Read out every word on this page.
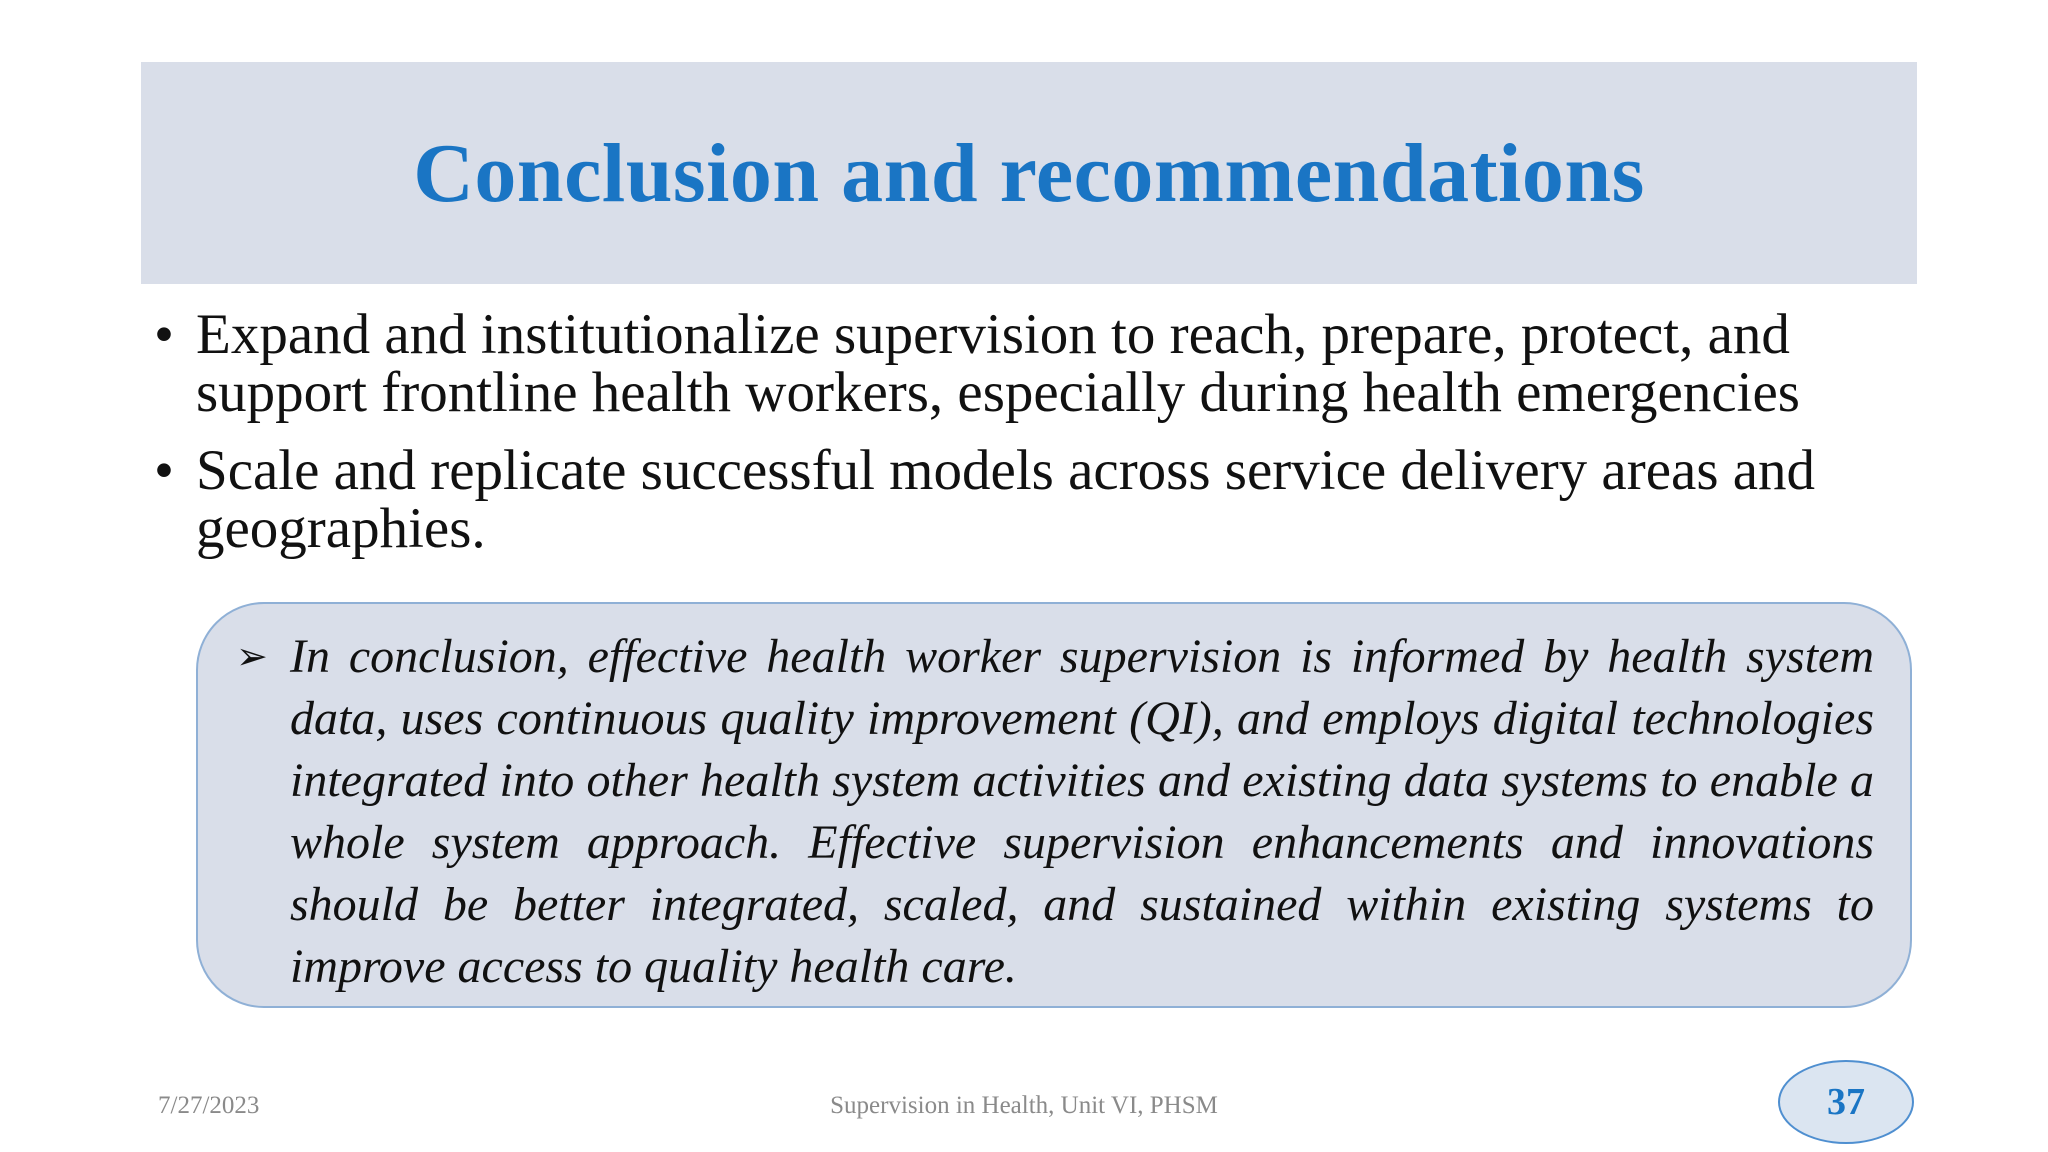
Conclusion and recommendations
• Expand and institutionalize supervision to reach, prepare, protect, and support frontline health workers, especially during health emergencies
• Scale and replicate successful models across service delivery areas and geographies.
➢ In conclusion, effective health worker supervision is informed by health system data, uses continuous quality improvement (QI), and employs digital technologies integrated into other health system activities and existing data systems to enable a whole system approach. Effective supervision enhancements and innovations should be better integrated, scaled, and sustained within existing systems to improve access to quality health care.

7/27/2023	Supervision in Health, Unit VI, PHSM	37
